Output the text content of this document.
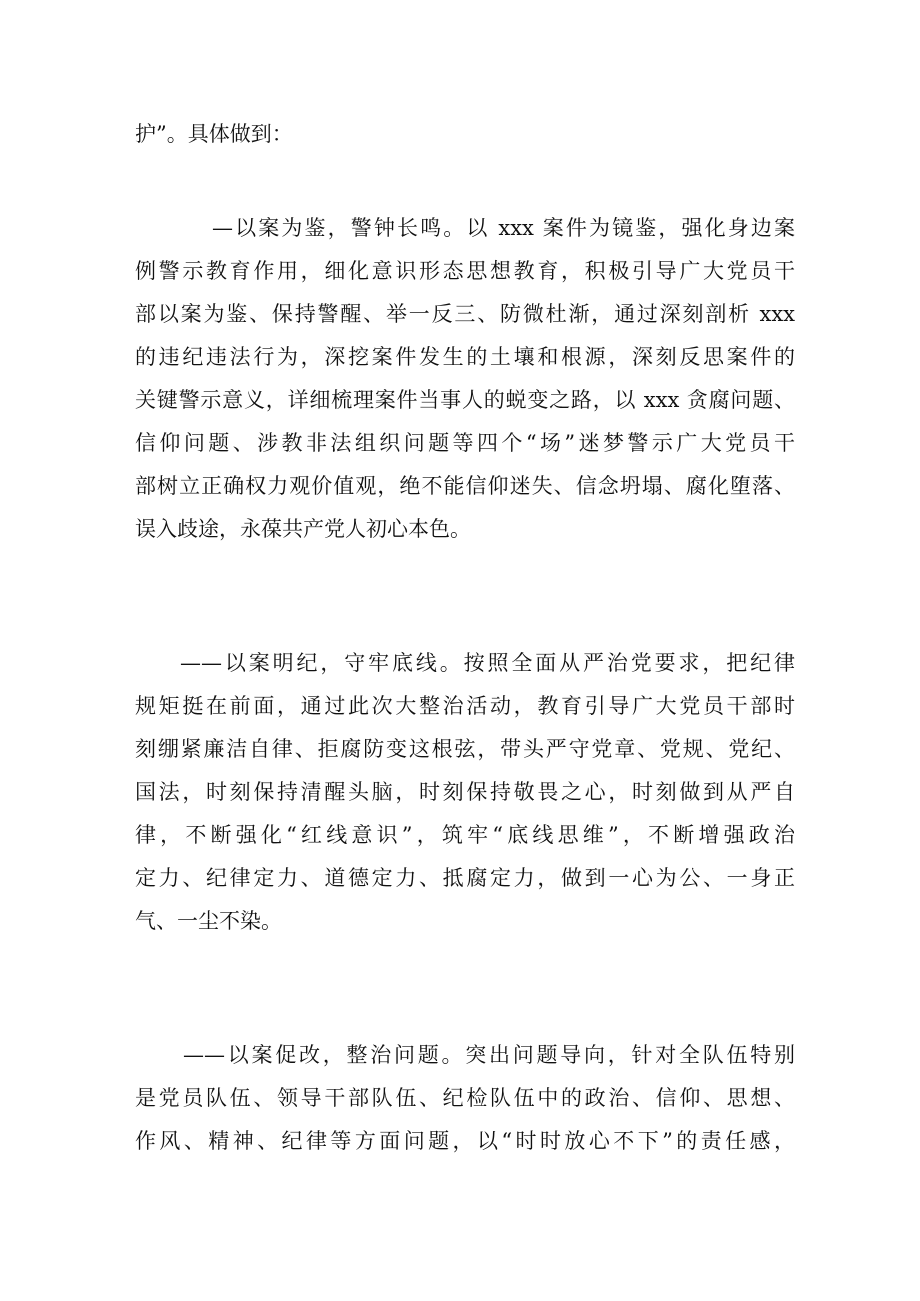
护”。具体做到：
—以案为鉴，警钟长鸣。以 xxx 案件为镜鉴，强化身边案
例警示教育作用，细化意识形态思想教育，积极引导广大党员干
部以案为鉴、保持警醒、举一反三、防微杜渐，通过深刻剖析 xxx
的违纪违法行为，深挖案件发生的土壤和根源，深刻反思案件的
关键警示意义，详细梳理案件当事人的蜕变之路，以 xxx 贪腐问题、
信仰问题、涉教非法组织问题等四个“场”迷梦警示广大党员干
部树立正确权力观价值观，绝不能信仰迷失、信念坍塌、腐化堕落、
误入歧途，永葆共产党人初心本色。
——以案明纪，守牢底线。按照全面从严治党要求，把纪律
规矩挺在前面，通过此次大整治活动，教育引导广大党员干部时
刻绷紧廉洁自律、拒腐防变这根弦，带头严守党章、党规、党纪、
国法，时刻保持清醒头脑，时刻保持敬畏之心，时刻做到从严自
律，不断强化“红线意识”，筑牢“底线思维”，不断增强政治
定力、纪律定力、道德定力、抵腐定力，做到一心为公、一身正
气、一尘不染。
——以案促改，整治问题。突出问题导向，针对全队伍特别
是党员队伍、领导干部队伍、纪检队伍中的政治、信仰、思想、
作风、精神、纪律等方面问题，以“时时放心不下”的责任感，
